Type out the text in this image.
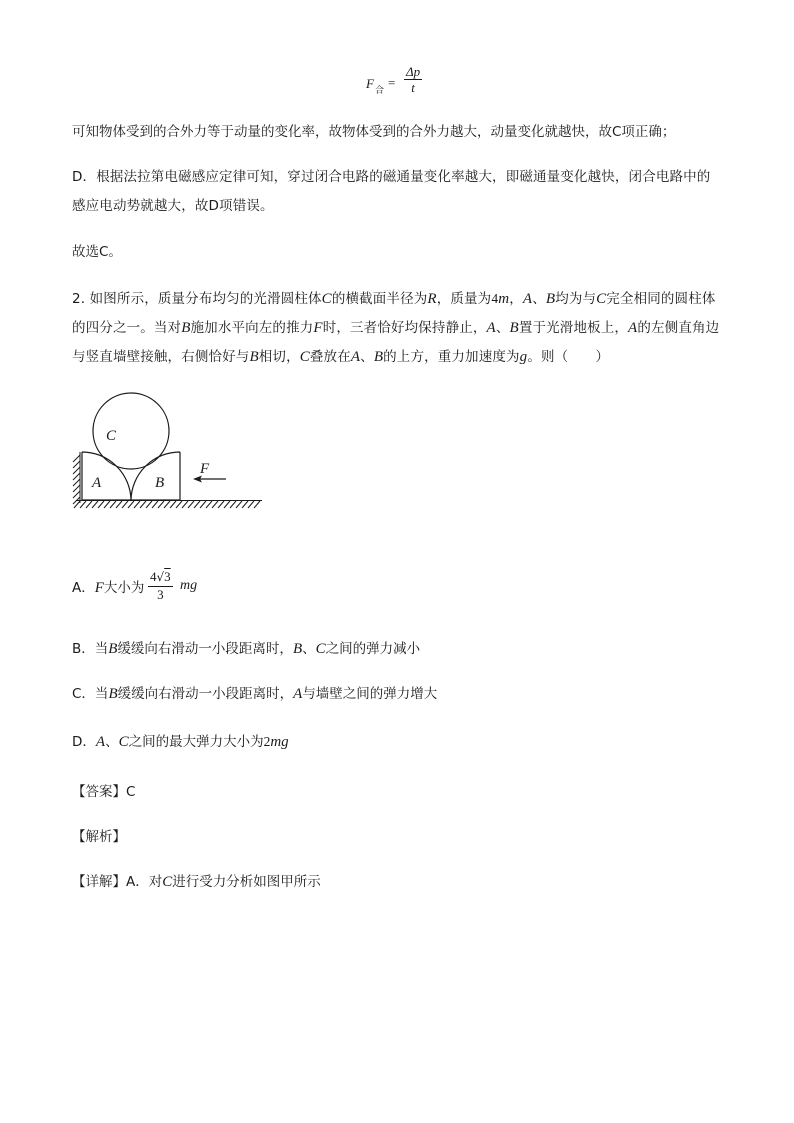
F 合
= $\frac{\Delta p}{t}$
可知物体受到的合外力等于动量的变化率，故物体受到的合外力越大，动量变化就越快，故C项正确；
D．根据法拉第电磁感应定律可知，穿过闭合电路的磁通量变化率越大，即磁通量变化越快，闭合电路中的感应电动势就越大，故D项错误。
故选C。
2. 如图所示，质量分布均匀的光滑圆柱体C的横截面半径为R，质量为4m，A、B均为与C完全相同的圆柱体的四分之一。当对B施加水平向左的推力F时，三者恰好均保持静止，A、B置于光滑地板上，A的左侧直角边与竖直墙壁接触，右侧恰好与B相切，C叠放在A、B的上方，重力加速度为g。则（　　）
C
A	B
F
A．F大小为 $\frac{4√3}{3}$ mg
B．当B缓缓向右滑动一小段距离时，B、C之间的弹力减小
C．当B缓缓向右滑动一小段距离时，A与墙壁之间的弹力增大
D．A、C之间的最大弹力大小为2mg
【答案】C
【解析】
【详解】A．对C进行受力分析如图甲所示
